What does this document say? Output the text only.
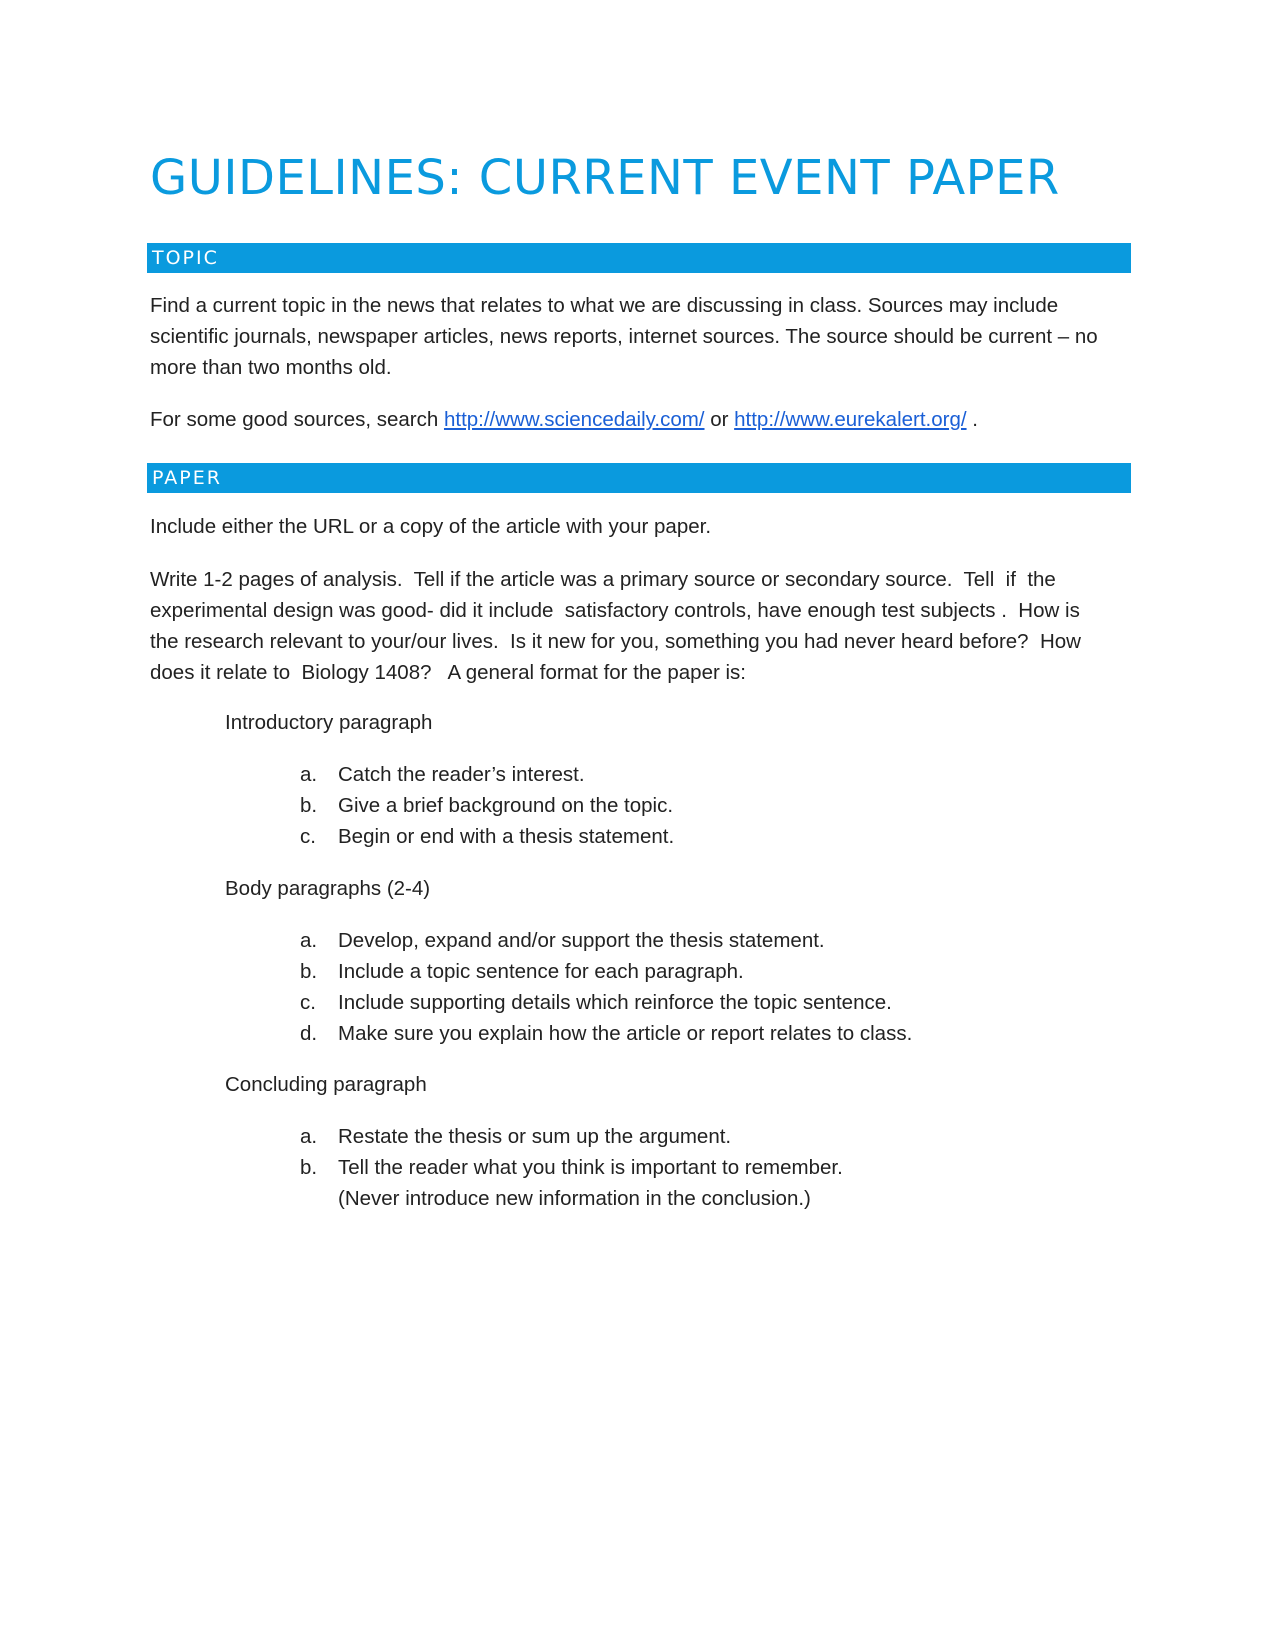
GUIDELINES: CURRENT EVENT PAPER
TOPIC

Find a current topic in the news that relates to what we are discussing in class. Sources may include scientific journals, newspaper articles, news reports, internet sources. The source should be current – no more than two months old.

For some good sources, search http://www.sciencedaily.com/ or http://www.eurekalert.org/ .

PAPER

Include either the URL or a copy of the article with your paper.

Write 1-2 pages of analysis.  Tell if the article was a primary source or secondary source.  Tell  if  the
experimental design was good- did it include  satisfactory controls, have enough test subjects .  How is
the research relevant to your/our lives.  Is it new for you, something you had never heard before?  How
does it relate to  Biology 1408?   A general format for the paper is:

Introductory paragraph

a. Catch the reader’s interest.
b. Give a brief background on the topic.
c. Begin or end with a thesis statement.

Body paragraphs (2-4)

a. Develop, expand and/or support the thesis statement.
b. Include a topic sentence for each paragraph.
c. Include supporting details which reinforce the topic sentence.
d. Make sure you explain how the article or report relates to class.

Concluding paragraph

a. Restate the thesis or sum up the argument.
b. Tell the reader what you think is important to remember.
(Never introduce new information in the conclusion.)
